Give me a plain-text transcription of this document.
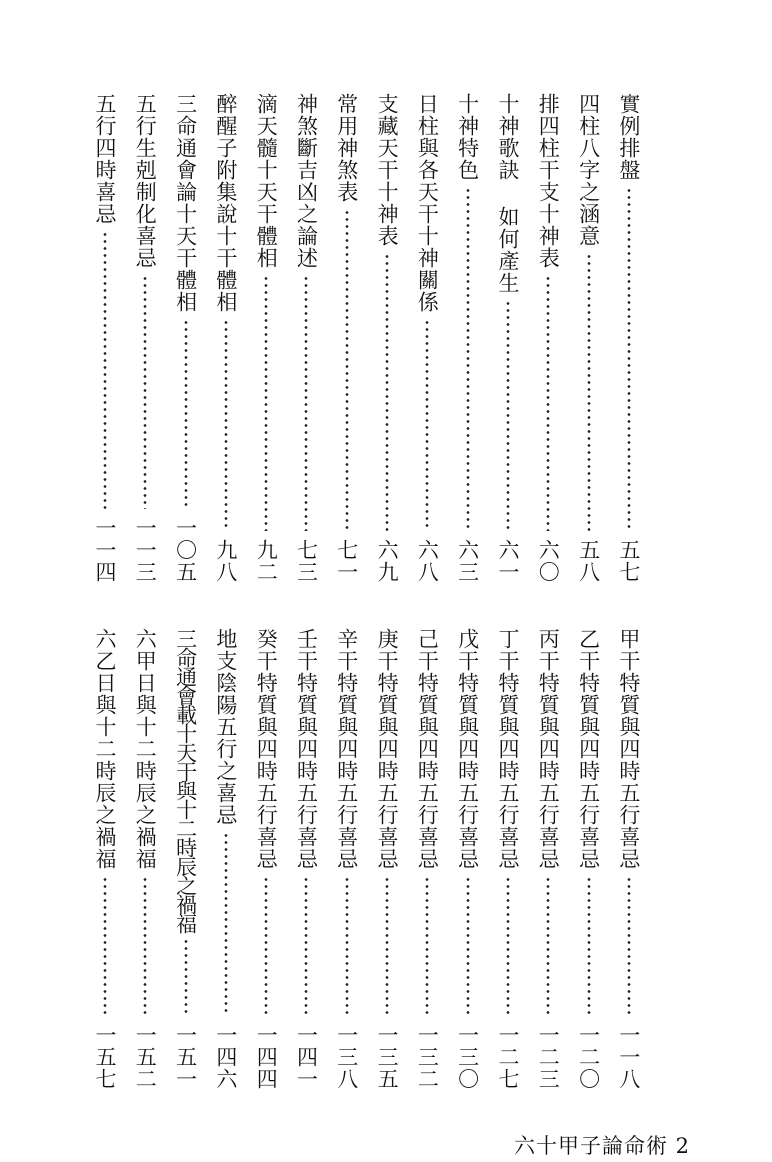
實例排盤
五七
四柱八字之涵意
五八
排四柱干支十神表
六〇
十神歌訣 如何產生
六一
十神特色
六三
日柱與各天干十神關係
六八
支藏天干十神表
六九
常用神煞表
七一
神煞斷吉凶之論述
七三
滴天髓十天干體相
九二
醉醒子附集說十干體相
九八
三命通會論十天干體相
一〇五
五行生剋制化喜忌
一一三
五行四時喜忌
一一四
甲干特質與四時五行喜忌
一一八
乙干特質與四時五行喜忌
一二〇
丙干特質與四時五行喜忌
一二三
丁干特質與四時五行喜忌
一二七
戊干特質與四時五行喜忌
一三〇
己干特質與四時五行喜忌
一三二
庚干特質與四時五行喜忌
一三五
辛干特質與四時五行喜忌
一三八
壬干特質與四時五行喜忌
一四一
癸干特質與四時五行喜忌
一四四
地支陰陽五行之喜忌
一四六
三命通會載十天干與十二時辰之禍福
一五一
六甲日與十二時辰之禍福
一五二
六乙日與十二時辰之禍福
一五七
六十甲子論命術 2
